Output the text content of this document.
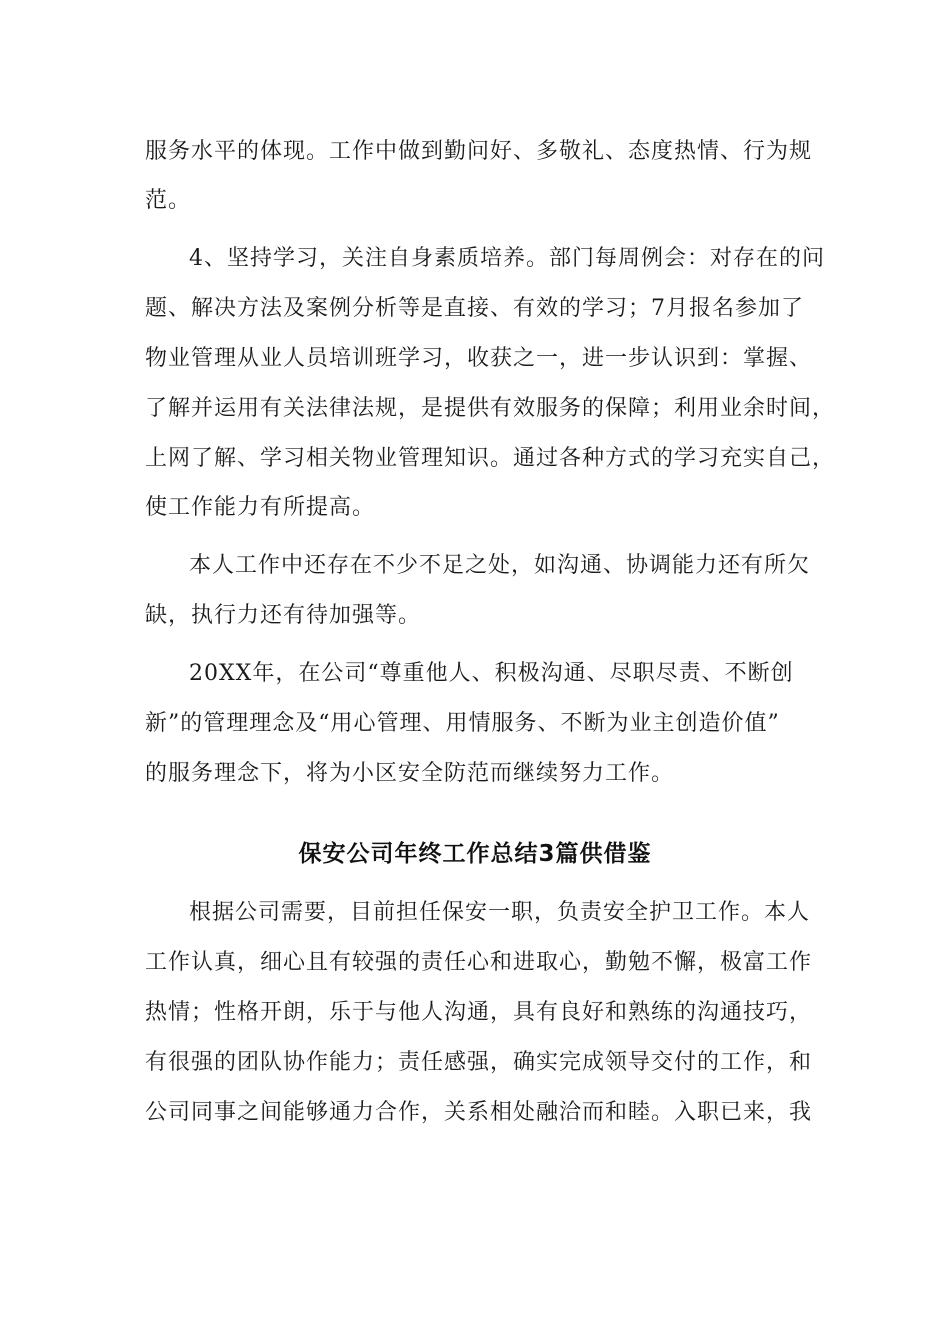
服务水平的体现。工作中做到勤问好、多敬礼、态度热情、行为规
范。
4、坚持学习，关注自身素质培养。部门每周例会：对存在的问
题、解决方法及案例分析等是直接、有效的学习；7月报名参加了
物业管理从业人员培训班学习，收获之一，进一步认识到：掌握、
了解并运用有关法律法规，是提供有效服务的保障；利用业余时间，
上网了解、学习相关物业管理知识。通过各种方式的学习充实自己，
使工作能力有所提高。
本人工作中还存在不少不足之处，如沟通、协调能力还有所欠
缺，执行力还有待加强等。
20XX年，在公司“尊重他人、积极沟通、尽职尽责、不断创
新”的管理理念及“用心管理、用情服务、不断为业主创造价值”
的服务理念下，将为小区安全防范而继续努力工作。
保安公司年终工作总结3篇供借鉴
根据公司需要，目前担任保安一职，负责安全护卫工作。本人
工作认真，细心且有较强的责任心和进取心，勤勉不懈，极富工作
热情；性格开朗，乐于与他人沟通，具有良好和熟练的沟通技巧，
有很强的团队协作能力；责任感强，确实完成领导交付的工作，和
公司同事之间能够通力合作，关系相处融洽而和睦。入职已来，我
